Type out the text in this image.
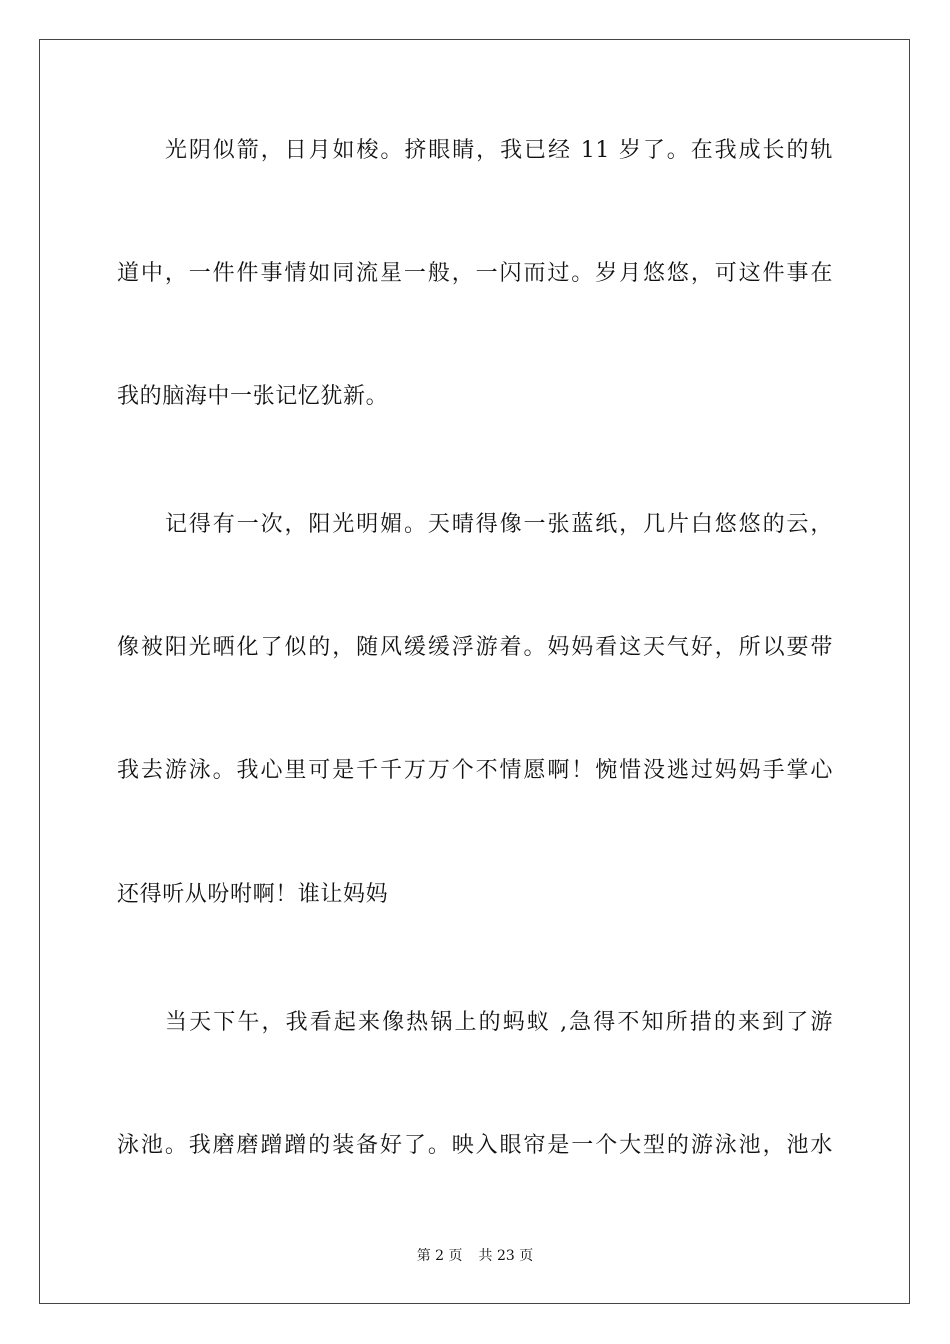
光阴似箭，日月如梭。挤眼睛，我已经 11 岁了。在我成长的轨
道中，一件件事情如同流星一般，一闪而过。岁月悠悠，可这件事在
我的脑海中一张记忆犹新。
记得有一次，阳光明媚。天晴得像一张蓝纸，几片白悠悠的云，
像被阳光晒化了似的，随风缓缓浮游着。妈妈看这天气好，所以要带
我去游泳。我心里可是千千万万个不情愿啊！惋惜没逃过妈妈手掌心
还得听从吩咐啊！谁让妈妈
当天下午，我看起来像热锅上的蚂蚁 ,急得不知所措的来到了游
泳池。我磨磨蹭蹭的装备好了。映入眼帘是一个大型的游泳池，池水
第 2 页 共 23 页
